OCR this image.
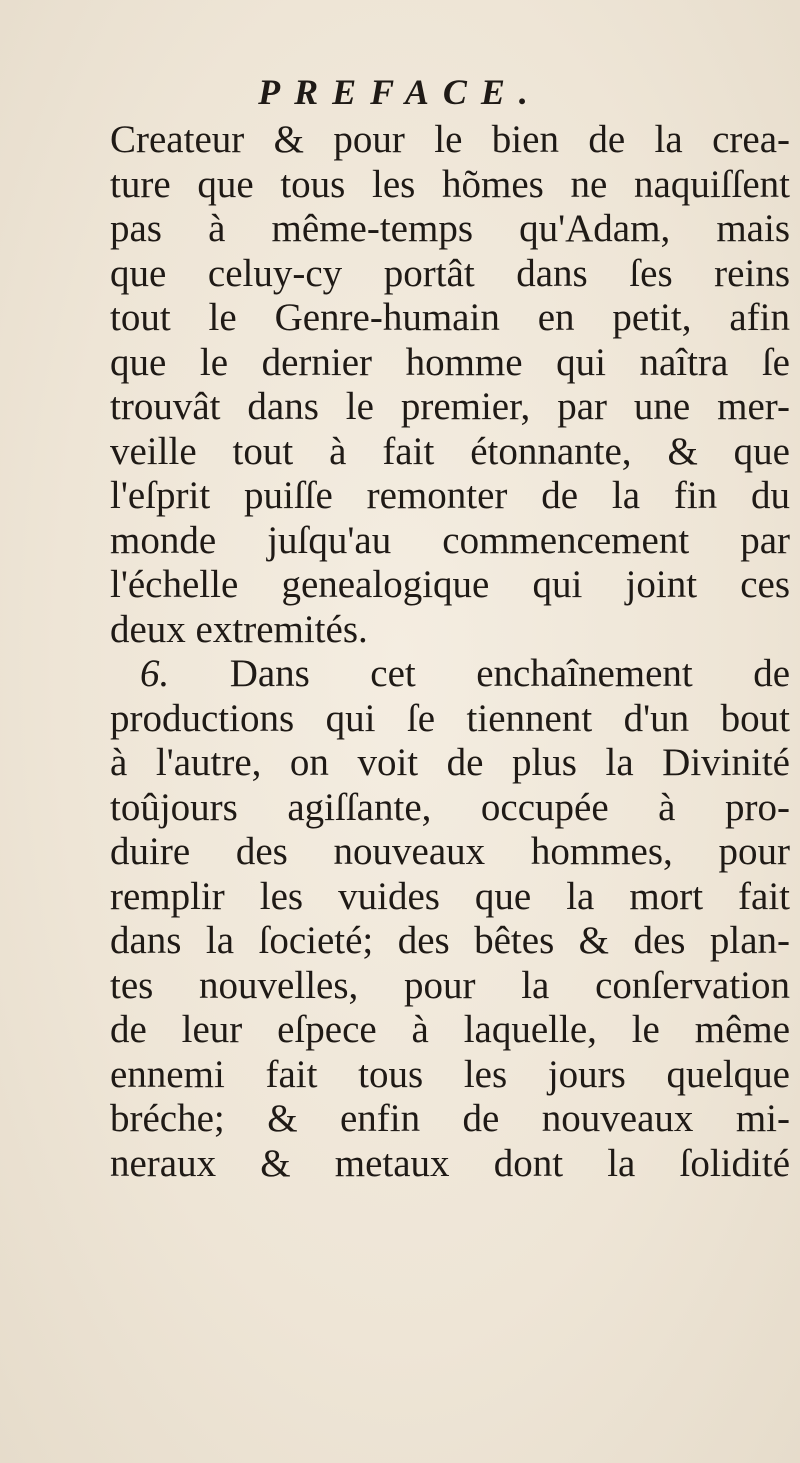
PREFACE.
Createur & pour le bien de la crea-
ture que tous les hõmes ne naquiſſent
pas à même-temps qu'Adam, mais
que celuy-cy portât dans ſes reins
tout le Genre-humain en petit, afin
que le dernier homme qui naîtra ſe
trouvât dans le premier, par une mer-
veille tout à fait étonnante, & que
l'eſprit puiſſe remonter de la fin du
monde juſqu'au commencement par
l'échelle genealogique qui joint ces
deux extremités.
6. Dans cet enchaînement de
productions qui ſe tiennent d'un bout
à l'autre, on voit de plus la Divinité
toûjours agiſſante, occupée à pro-
duire des nouveaux hommes, pour
remplir les vuides que la mort fait
dans la ſocieté; des bêtes & des plan-
tes nouvelles, pour la conſervation
de leur eſpece à laquelle, le même
ennemi fait tous les jours quelque
bréche; & enfin de nouveaux mi-
neraux & metaux dont la ſolidité
